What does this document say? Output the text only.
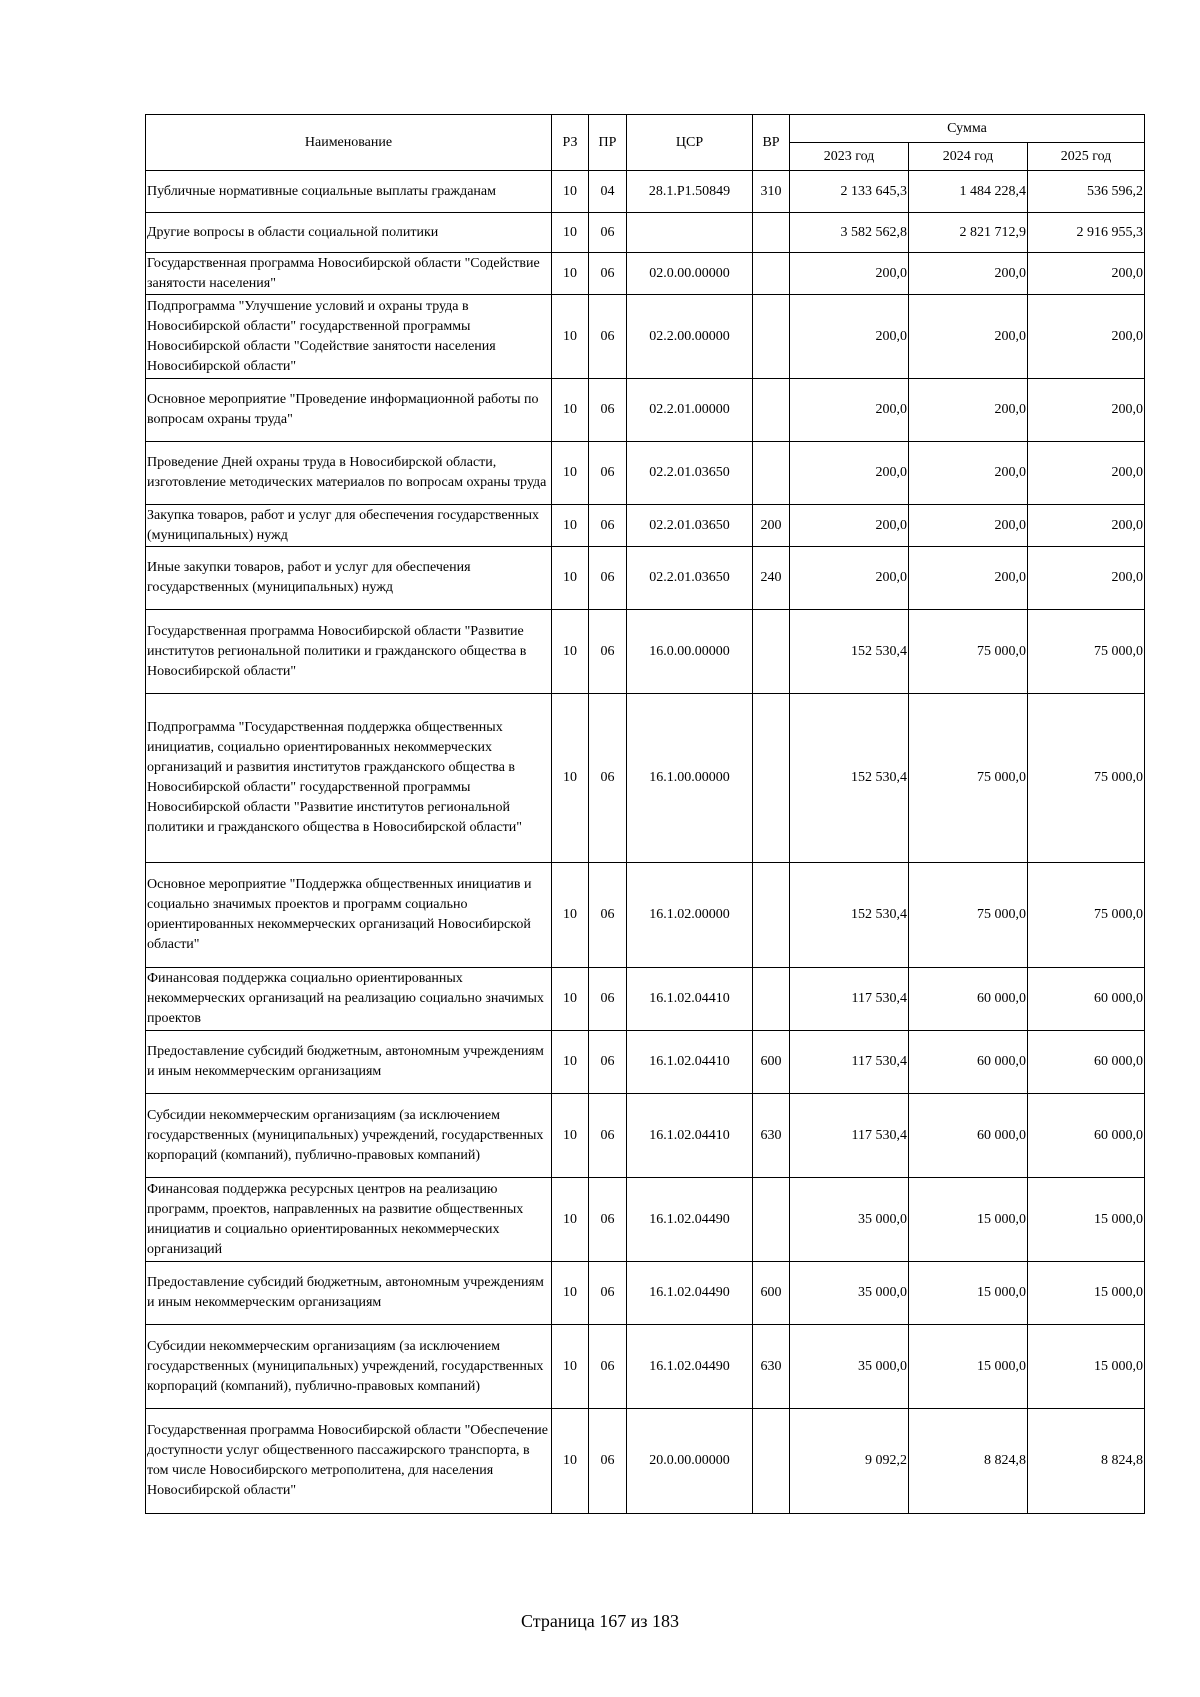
Наименование	РЗ	ПР	ЦСР	ВР	Сумма		
					2023 год	2024 год	2025 год
Публичные нормативные социальные выплаты гражданам	10	04	28.1.P1.50849	310	2 133 645,3	1 484 228,4	536 596,2
Другие вопросы в области социальной политики	10	06			3 582 562,8	2 821 712,9	2 916 955,3
Государственная программа Новосибирской области "Содействие занятости населения"	10	06	02.0.00.00000		200,0	200,0	200,0
Подпрограмма "Улучшение условий и охраны труда в Новосибирской области" государственной программы Новосибирской области "Содействие занятости населения Новосибирской области"	10	06	02.2.00.00000		200,0	200,0	200,0
Основное мероприятие "Проведение информационной работы по вопросам охраны труда"	10	06	02.2.01.00000		200,0	200,0	200,0
Проведение Дней охраны труда в Новосибирской области, изготовление методических материалов по вопросам охраны труда	10	06	02.2.01.03650		200,0	200,0	200,0
Закупка товаров, работ и услуг для обеспечения государственных (муниципальных) нужд	10	06	02.2.01.03650	200	200,0	200,0	200,0
Иные закупки товаров, работ и услуг для обеспечения государственных (муниципальных) нужд	10	06	02.2.01.03650	240	200,0	200,0	200,0
Государственная программа Новосибирской области "Развитие институтов региональной политики и гражданского общества в Новосибирской области"	10	06	16.0.00.00000		152 530,4	75 000,0	75 000,0
Подпрограмма "Государственная поддержка общественных инициатив, социально ориентированных некоммерческих организаций и развития институтов гражданского общества в Новосибирской области" государственной программы Новосибирской области "Развитие институтов региональной политики и гражданского общества в Новосибирской области"	10	06	16.1.00.00000		152 530,4	75 000,0	75 000,0
Основное мероприятие "Поддержка общественных инициатив и социально значимых проектов и программ социально ориентированных некоммерческих организаций Новосибирской области"	10	06	16.1.02.00000		152 530,4	75 000,0	75 000,0
Финансовая поддержка социально ориентированных некоммерческих организаций на реализацию социально значимых проектов	10	06	16.1.02.04410		117 530,4	60 000,0	60 000,0
Предоставление субсидий бюджетным, автономным учреждениям и иным некоммерческим организациям	10	06	16.1.02.04410	600	117 530,4	60 000,0	60 000,0
Субсидии некоммерческим организациям (за исключением государственных (муниципальных) учреждений, государственных корпораций (компаний), публично-правовых компаний)	10	06	16.1.02.04410	630	117 530,4	60 000,0	60 000,0
Финансовая поддержка ресурсных центров на реализацию программ, проектов, направленных на развитие общественных инициатив и социально ориентированных некоммерческих организаций	10	06	16.1.02.04490		35 000,0	15 000,0	15 000,0
Предоставление субсидий бюджетным, автономным учреждениям и иным некоммерческим организациям	10	06	16.1.02.04490	600	35 000,0	15 000,0	15 000,0
Субсидии некоммерческим организациям (за исключением государственных (муниципальных) учреждений, государственных корпораций (компаний), публично-правовых компаний)	10	06	16.1.02.04490	630	35 000,0	15 000,0	15 000,0
Государственная программа Новосибирской области "Обеспечение доступности услуг общественного пассажирского транспорта, в том числе Новосибирского метрополитена, для населения Новосибирской области"	10	06	20.0.00.00000		9 092,2	8 824,8	8 824,8
Страница 167 из 183
